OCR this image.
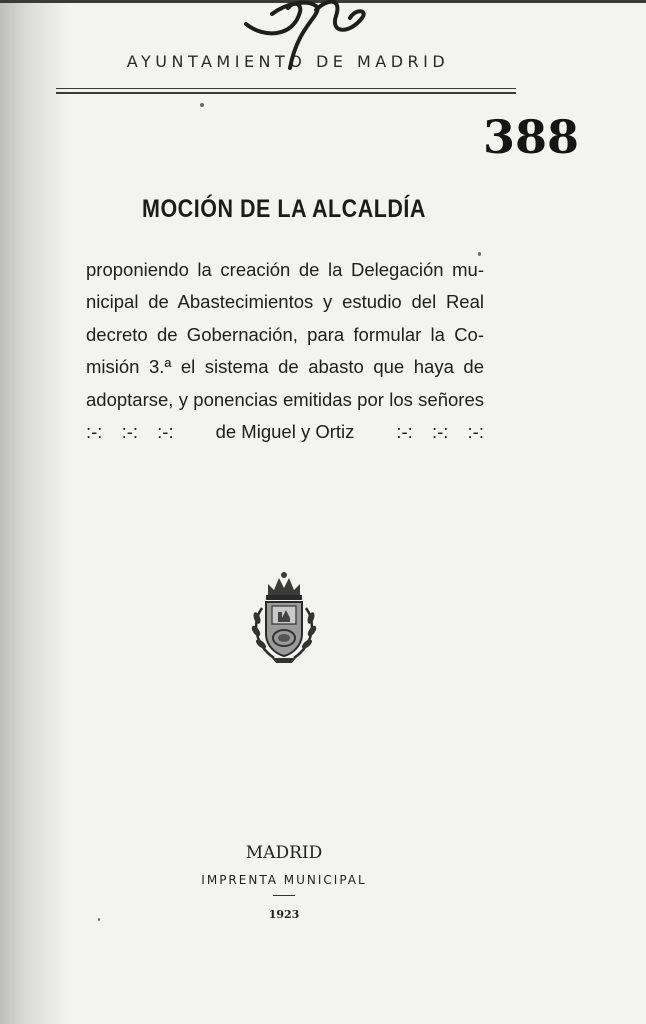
AYUNTAMIENTO DE MADRID
388
MOCIÓN DE LA ALCALDÍA
proponiendo la creación de la Delegación mu-
nicipal de Abastecimientos y estudio del Real
decreto de Gobernación, para formular la Co-
misión 3.ª el sistema de abasto que haya de
adoptarse, y ponencias emitidas por los señores
:-: :-: :-: de Miguel y Ortiz :-: :-: :-:
MADRID
IMPRENTA MUNICIPAL
1923
